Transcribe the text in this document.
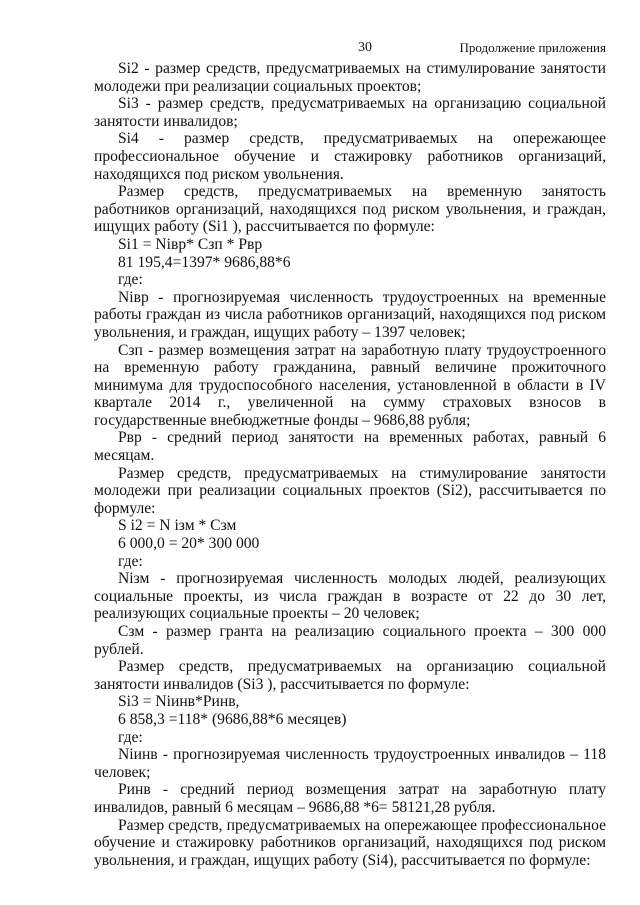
30	Продолжение приложения

Si2 - размер средств, предусматриваемых на стимулирование занятости молодежи при реализации социальных проектов;

Si3 - размер средств, предусматриваемых на организацию социальной занятости инвалидов;

Si4 - размер средств, предусматриваемых на опережающее профессиональное обучение и стажировку работников организаций, находящихся под риском увольнения.

Размер средств, предусматриваемых на временную занятость работников организаций, находящихся под риском увольнения, и граждан, ищущих работу (Si1 ), рассчитывается по формуле:

Si1 = Niвр* Сзп * Рвр

81 195,4=1397* 9686,88*6

где:

Niвр - прогнозируемая численность трудоустроенных на временные работы граждан из числа работников организаций, находящихся под риском увольнения, и граждан, ищущих работу – 1397 человек;

Сзп - размер возмещения затрат на заработную плату трудоустроенного на временную работу гражданина, равный величине прожиточного минимума для трудоспособного населения, установленной в области в IV квартале 2014 г., увеличенной на сумму страховых взносов в государственные внебюджетные фонды – 9686,88 рубля;

Рвр - средний период занятости на временных работах, равный 6 месяцам.

Размер средств, предусматриваемых на стимулирование занятости молодежи при реализации социальных проектов (Si2), рассчитывается по формуле:

S i2 = N iзм * Сзм

6 000,0 = 20* 300 000

где:

Niзм - прогнозируемая численность молодых людей, реализующих социальные проекты, из числа граждан в возрасте от 22 до 30 лет, реализующих социальные проекты – 20 человек;

Сзм - размер гранта на реализацию социального проекта – 300 000 рублей.

Размер средств, предусматриваемых на организацию социальной занятости инвалидов (Si3 ), рассчитывается по формуле:

Si3 = Niинв*Ринв,

6 858,3 =118* (9686,88*6 месяцев)

где:

Niинв - прогнозируемая численность трудоустроенных инвалидов – 118 человек;

Ринв - средний период возмещения затрат на заработную плату инвалидов, равный 6 месяцам – 9686,88 *6= 58121,28 рубля.

Размер средств, предусматриваемых на опережающее профессиональное обучение и стажировку работников организаций, находящихся под риском увольнения, и граждан, ищущих работу (Si4), рассчитывается по формуле:
